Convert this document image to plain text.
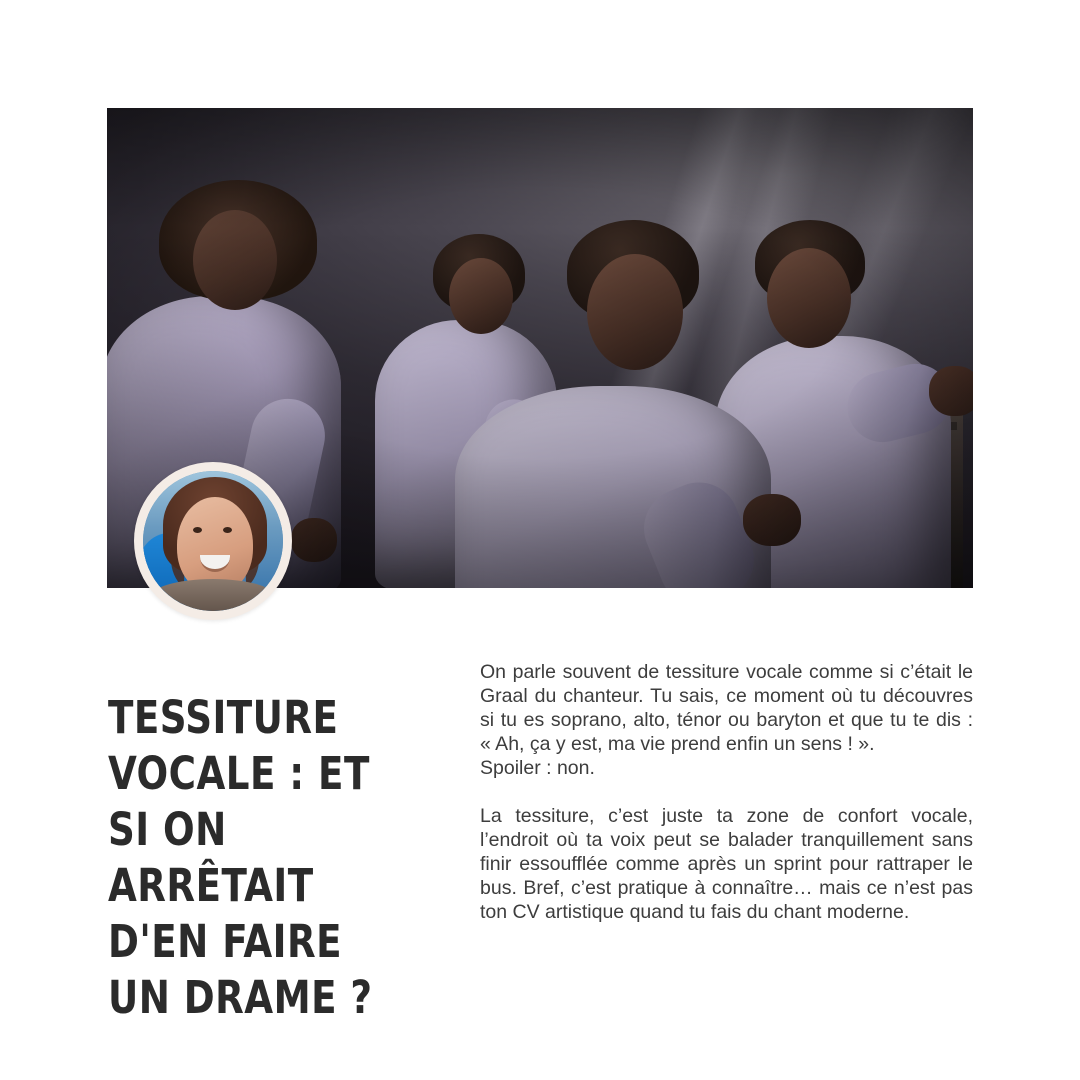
TESSITURE VOCALE : ET SI ON ARRÊTAIT D'EN FAIRE UN DRAME ?

On parle souvent de tessiture vocale comme si c’était le Graal du chanteur. Tu sais, ce moment où tu découvres si tu es soprano, alto, ténor ou baryton et que tu te dis : « Ah, ça y est, ma vie prend enfin un sens ! ».
Spoiler : non.

La tessiture, c’est juste ta zone de confort vocale, l’endroit où ta voix peut se balader tranquillement sans finir essoufflée comme après un sprint pour rattraper le bus. Bref, c’est pratique à connaître… mais ce n’est pas ton CV artistique quand tu fais du chant moderne.
